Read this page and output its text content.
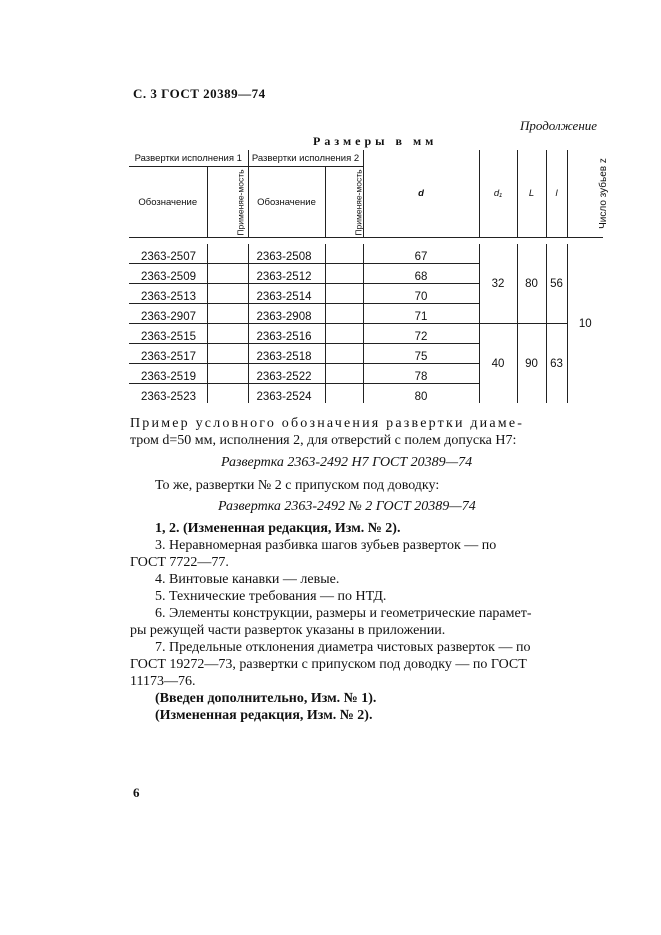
С. 3 ГОСТ 20389—74
Продолжение
Размеры в мм
Развертки исполнения 1		Развертки исполнения 2		d	d₁	L	l	Число зубьев z
Обозначение	Применяе-мость	Обозначение	Применяе-мость					

2363-2507		2363-2508		67	32	80	56	10
2363-2509		2363-2512		68				
2363-2513		2363-2514		70				
2363-2907		2363-2908		71				
2363-2515		2363-2516		72	40	90	63	
2363-2517		2363-2518		75				
2363-2519		2363-2522		78				
2363-2523		2363-2524		80				
Пример условного обозначения развертки диаме-
тром d=50 мм, исполнения 2, для отверстий с полем допуска H7:
Развертка 2363-2492 H7 ГОСТ 20389—74
То же, развертки № 2 с припуском под доводку:
Развертка 2363-2492 № 2 ГОСТ 20389—74
1, 2. (Измененная редакция, Изм. № 2).
3. Неравномерная разбивка шагов зубьев разверток — по
ГОСТ 7722—77.
4. Винтовые канавки — левые.
5. Технические требования — по НТД.
6. Элементы конструкции, размеры и геометрические парамет-
ры режущей части разверток указаны в приложении.
7. Предельные отклонения диаметра чистовых разверток — по
ГОСТ 19272—73, развертки с припуском под доводку — по ГОСТ
11173—76.
(Введен дополнительно, Изм. № 1).
(Измененная редакция, Изм. № 2).
6
